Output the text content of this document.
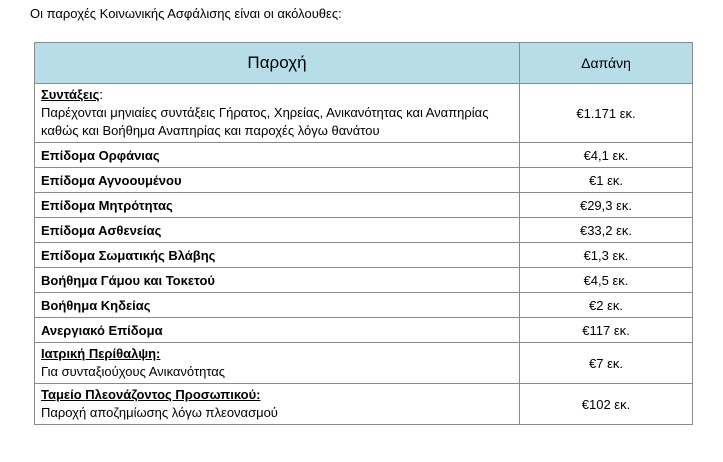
Οι παροχές Κοινωνικής Ασφάλισης είναι οι ακόλουθες:
Παροχή	Δαπάνη
Συντάξεις:
Παρέχονται μηνιαίες συντάξεις Γήρατος, Χηρείας, Ανικανότητας και Αναπηρίας καθώς και Βοήθημα Αναπηρίας και παροχές λόγω θανάτου	€1.171 εκ.
Επίδομα Ορφάνιας	€4,1 εκ.
Επίδομα Αγνοουμένου	€1 εκ.
Επίδομα Μητρότητας	€29,3 εκ.
Επίδομα Ασθενείας	€33,2 εκ.
Επίδομα Σωματικής Βλάβης	€1,3 εκ.
Βοήθημα Γάμου και Τοκετού	€4,5 εκ.
Βοήθημα Κηδείας	€2 εκ.
Ανεργιακό Επίδομα	€117 εκ.
Ιατρική Περίθαλψη:
Για συνταξιούχους Ανικανότητας	€7 εκ.
Ταμείο Πλεονάζοντος Προσωπικού:
Παροχή αποζημίωσης λόγω πλεονασμού	€102 εκ.
